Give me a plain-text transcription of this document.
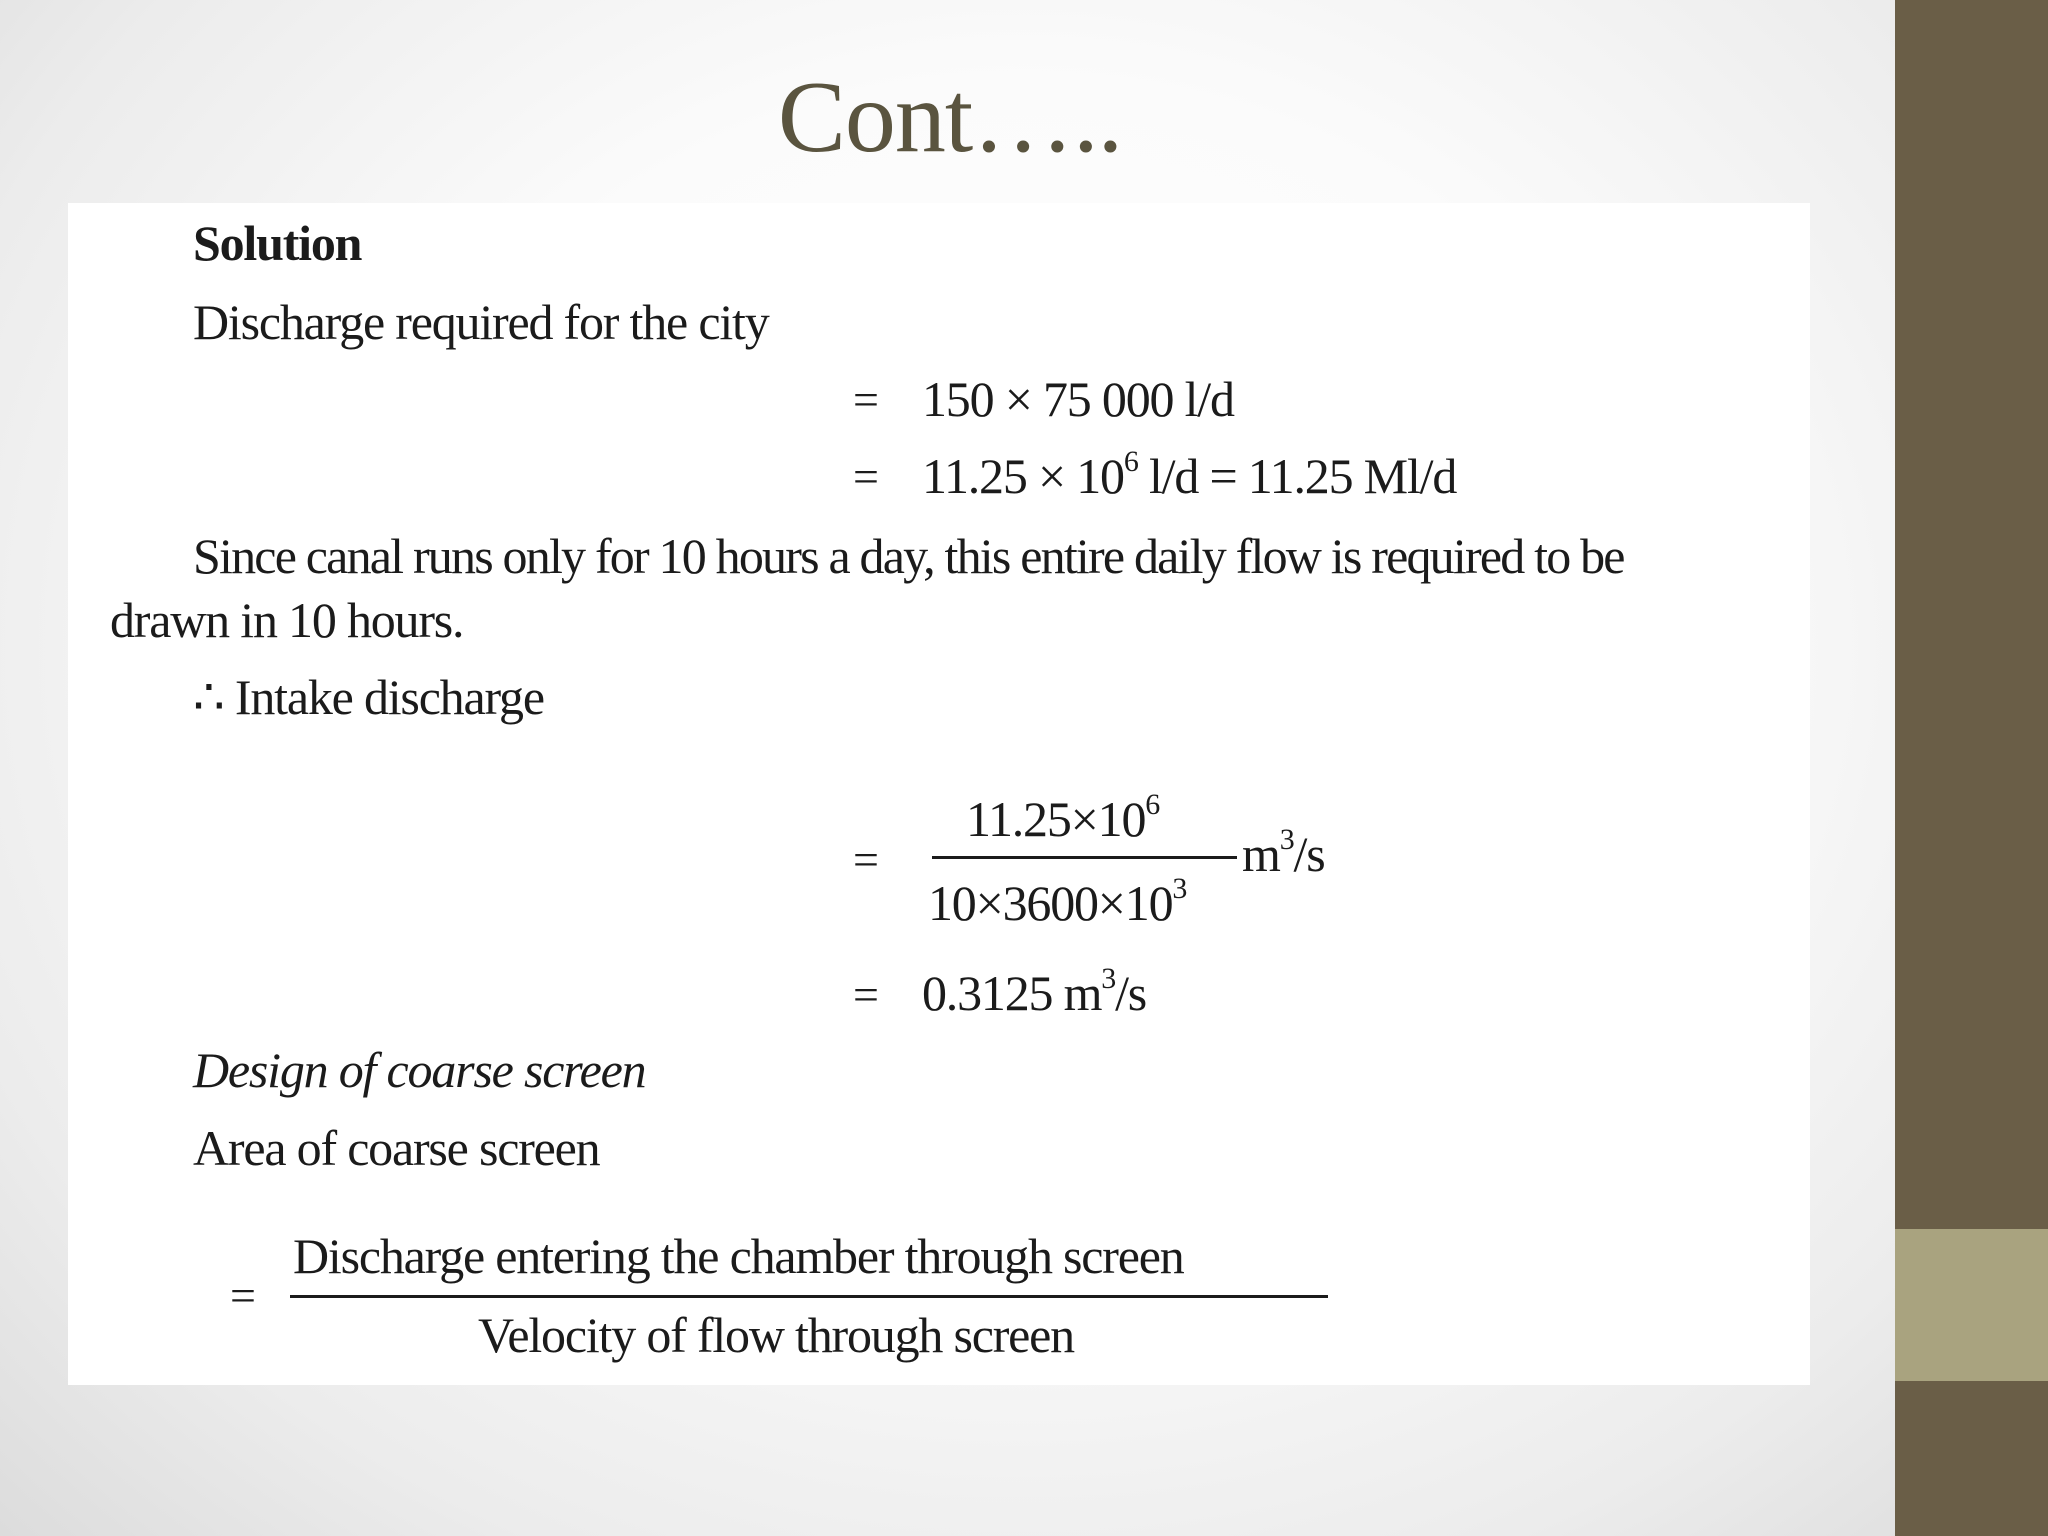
Cont…..
Solution
Discharge required for the city
= 150 × 75 000 l/d
= $11.25 \times 10^6$ l/d = 11.25 Ml/d
Since canal runs only for 10 hours a day, this entire daily flow is required to be
drawn in 10 hours.
∴ Intake discharge
=
$11.25\times 10^6$
$10\times 3600\times 10^3$
$m^3/s$
= 0.3125 $m^3/s$
Design of coarse screen
Area of coarse screen
=
Discharge entering the chamber through screen
Velocity of flow through screen
